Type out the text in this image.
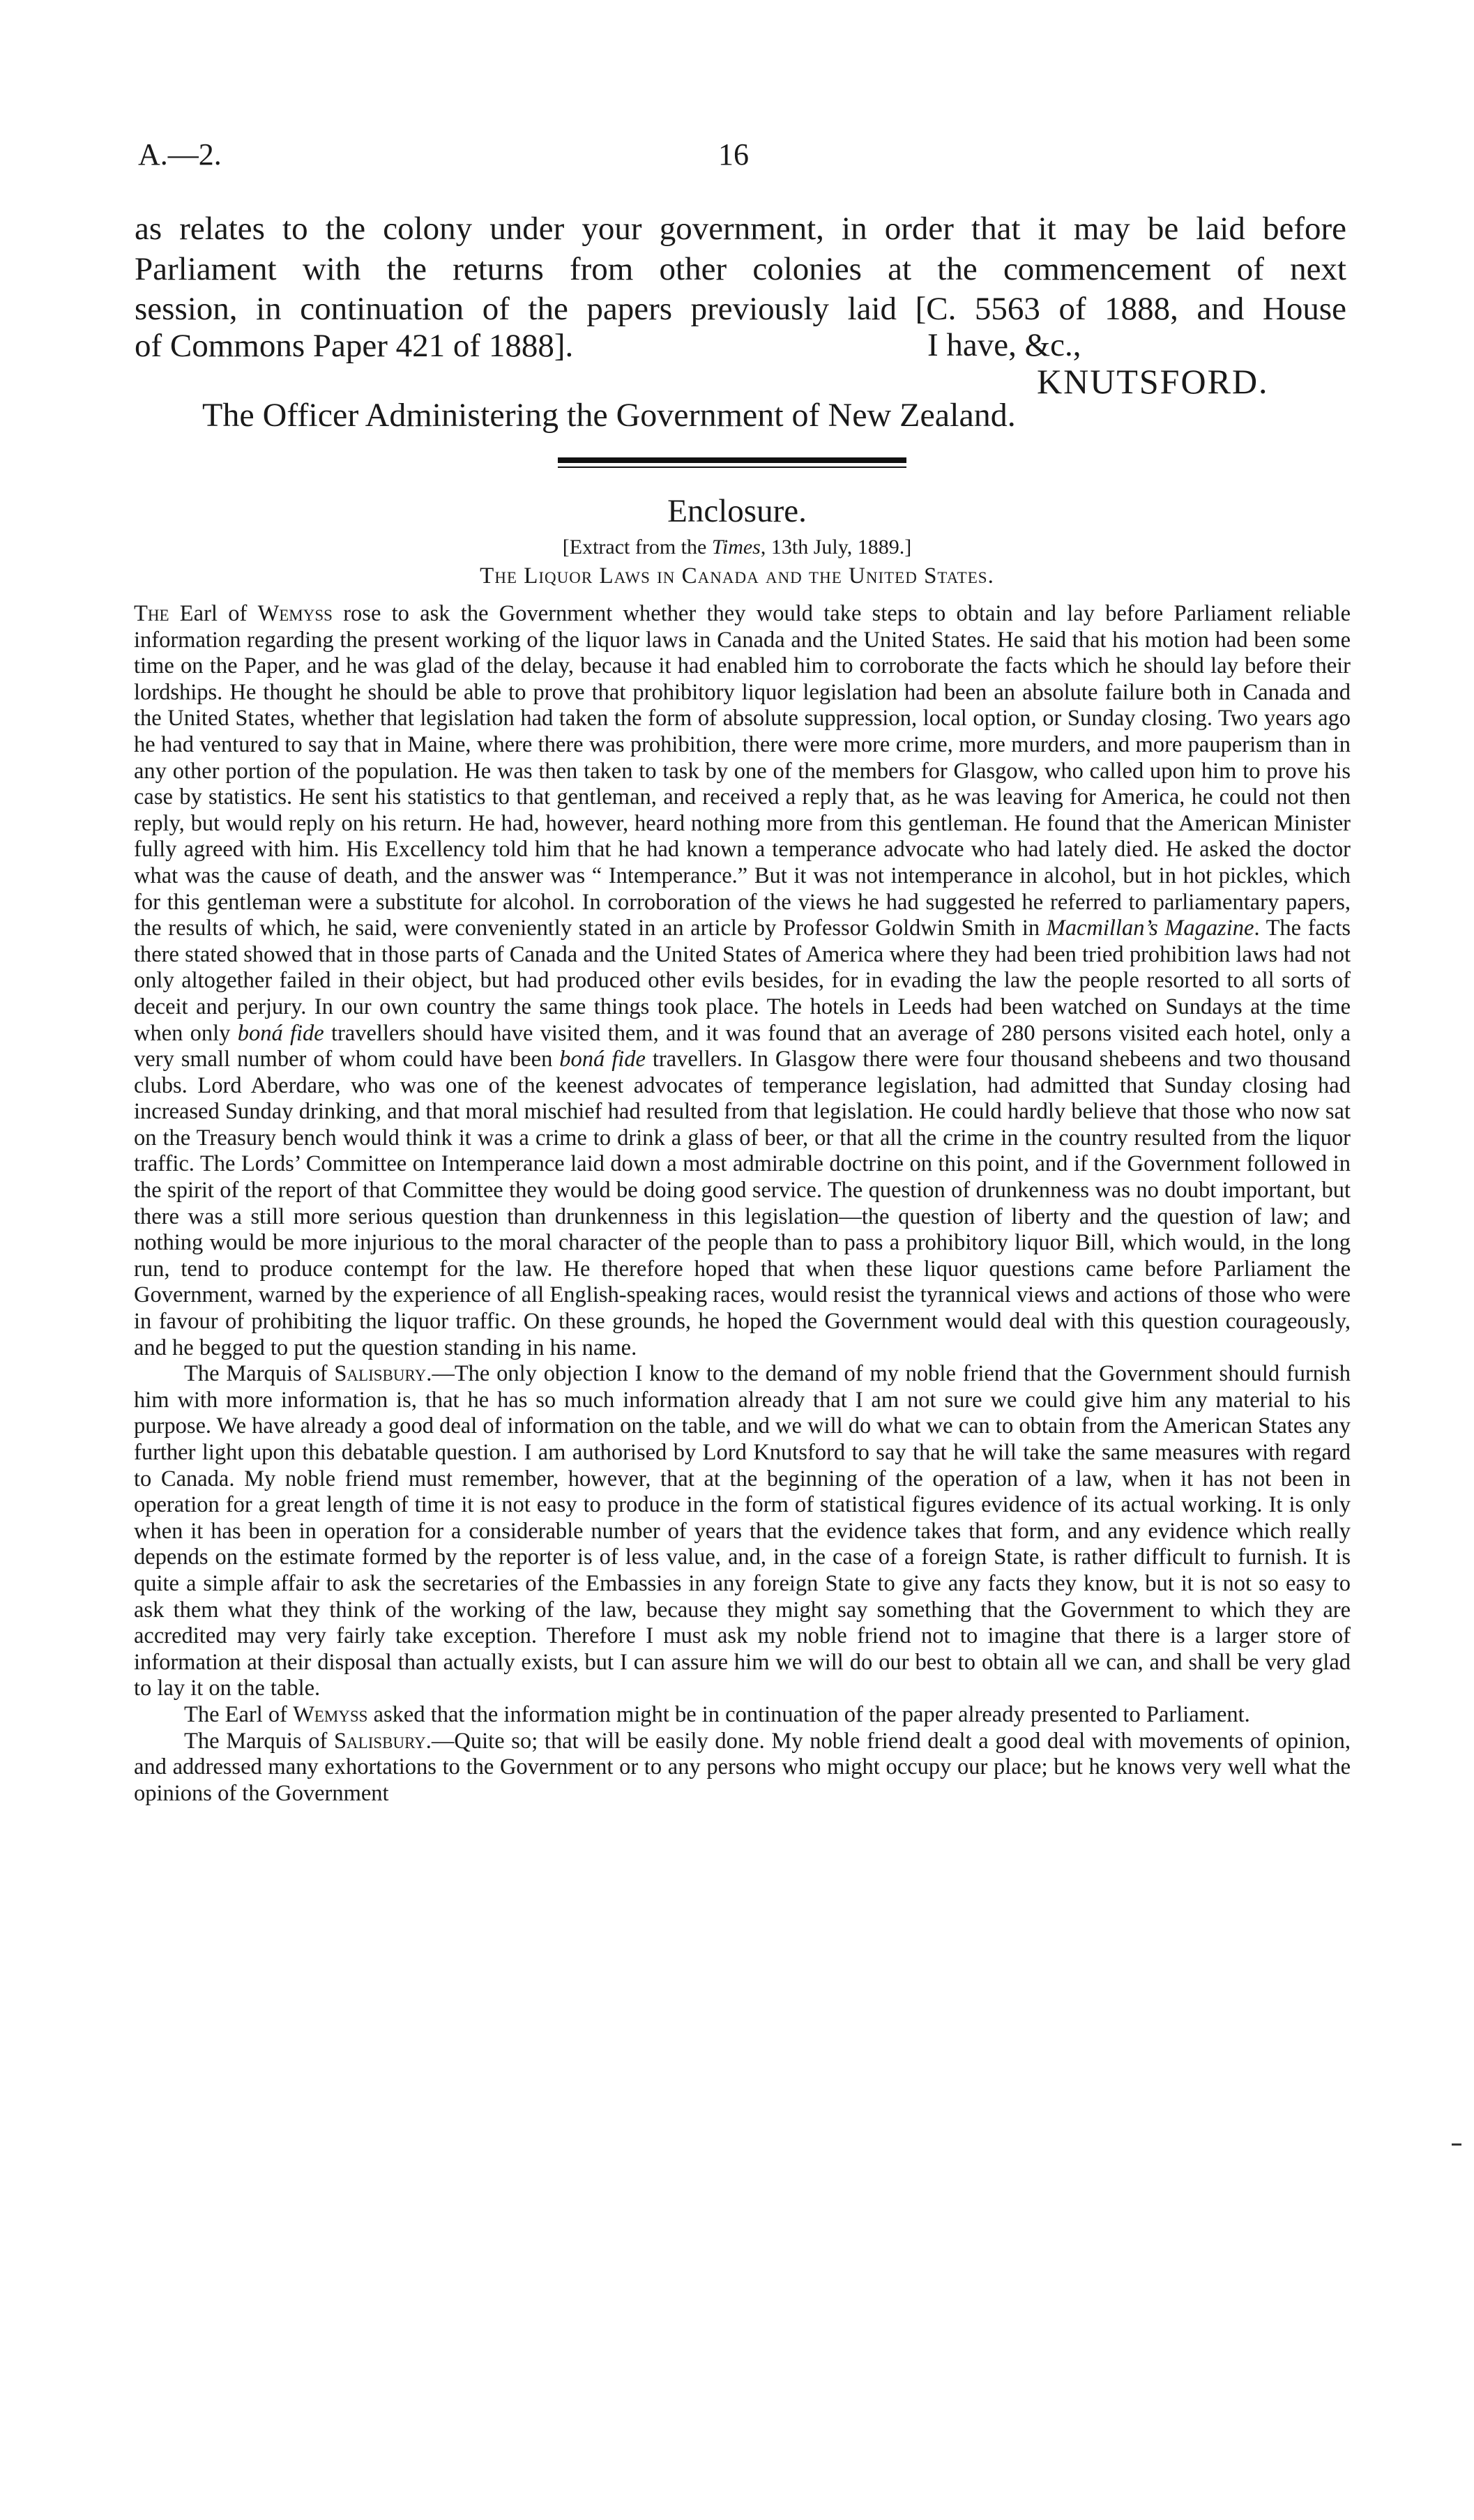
A.—2.	16
as relates to the colony under your government, in order that it may be laid before
Parliament with the returns from other colonies at the commencement of next
session, in continuation of the papers previously laid [C. 5563 of 1888, and House
of Commons Paper 421 of 1888].	I have, &c.,
KNUTSFORD.
The Officer Administering the Government of New Zealand.
Enclosure.
[Extract from the Times, 13th July, 1889.]
The Liquor Laws in Canada and the United States.

The Earl of Wemyss rose to ask the Government whether they would take steps to obtain and lay before Parliament reliable information regarding the present working of the liquor laws in Canada and the United States. He said that his motion had been some time on the Paper, and he was glad of the delay, because it had enabled him to corroborate the facts which he should lay before their lordships. He thought he should be able to prove that prohibitory liquor legislation had been an absolute failure both in Canada and the United States, whether that legislation had taken the form of absolute suppression, local option, or Sunday closing. Two years ago he had ventured to say that in Maine, where there was prohibition, there were more crime, more murders, and more pauperism than in any other portion of the population. He was then taken to task by one of the members for Glasgow, who called upon him to prove his case by statistics. He sent his statistics to that gentleman, and received a reply that, as he was leaving for America, he could not then reply, but would reply on his return. He had, however, heard nothing more from this gentleman. He found that the American Minister fully agreed with him. His Excellency told him that he had known a temperance advocate who had lately died. He asked the doctor what was the cause of death, and the answer was “ Intemperance.” But it was not intemperance in alcohol, but in hot pickles, which for this gentleman were a substitute for alcohol. In corroboration of the views he had suggested he referred to parliamentary papers, the results of which, he said, were conveniently stated in an article by Professor Goldwin Smith in Macmillan’s Magazine. The facts there stated showed that in those parts of Canada and the United States of America where they had been tried prohibition laws had not only altogether failed in their object, but had produced other evils besides, for in evading the law the people resorted to all sorts of deceit and perjury. In our own country the same things took place. The hotels in Leeds had been watched on Sundays at the time when only boná fide travellers should have visited them, and it was found that an average of 280 persons visited each hotel, only a very small number of whom could have been boná fide travellers. In Glasgow there were four thousand shebeens and two thousand clubs. Lord Aberdare, who was one of the keenest advocates of temperance legislation, had admitted that Sunday closing had increased Sunday drinking, and that moral mischief had resulted from that legislation. He could hardly believe that those who now sat on the Treasury bench would think it was a crime to drink a glass of beer, or that all the crime in the country resulted from the liquor traffic. The Lords’ Committee on Intemperance laid down a most admirable doctrine on this point, and if the Government followed in the spirit of the report of that Committee they would be doing good service. The question of drunkenness was no doubt important, but there was a still more serious question than drunkenness in this legislation—the question of liberty and the question of law; and nothing would be more injurious to the moral character of the people than to pass a prohibitory liquor Bill, which would, in the long run, tend to produce contempt for the law. He therefore hoped that when these liquor questions came before Parliament the Government, warned by the experience of all English-speaking races, would resist the tyrannical views and actions of those who were in favour of prohibiting the liquor traffic. On these grounds, he hoped the Government would deal with this question courageously, and he begged to put the question standing in his name.

The Marquis of Salisbury.—The only objection I know to the demand of my noble friend that the Government should furnish him with more information is, that he has so much information already that I am not sure we could give him any material to his purpose. We have already a good deal of information on the table, and we will do what we can to obtain from the American States any further light upon this debatable question. I am authorised by Lord Knutsford to say that he will take the same measures with regard to Canada. My noble friend must remember, however, that at the beginning of the operation of a law, when it has not been in operation for a great length of time it is not easy to produce in the form of statistical figures evidence of its actual working. It is only when it has been in operation for a considerable number of years that the evidence takes that form, and any evidence which really depends on the estimate formed by the reporter is of less value, and, in the case of a foreign State, is rather difficult to furnish. It is quite a simple affair to ask the secretaries of the Embassies in any foreign State to give any facts they know, but it is not so easy to ask them what they think of the working of the law, because they might say something that the Government to which they are accredited may very fairly take exception. Therefore I must ask my noble friend not to imagine that there is a larger store of information at their disposal than actually exists, but I can assure him we will do our best to obtain all we can, and shall be very glad to lay it on the table.

The Earl of Wemyss asked that the information might be in continuation of the paper already presented to Parliament.

The Marquis of Salisbury.—Quite so; that will be easily done. My noble friend dealt a good deal with movements of opinion, and addressed many exhortations to the Government or to any persons who might occupy our place; but he knows very well what the opinions of the Government
